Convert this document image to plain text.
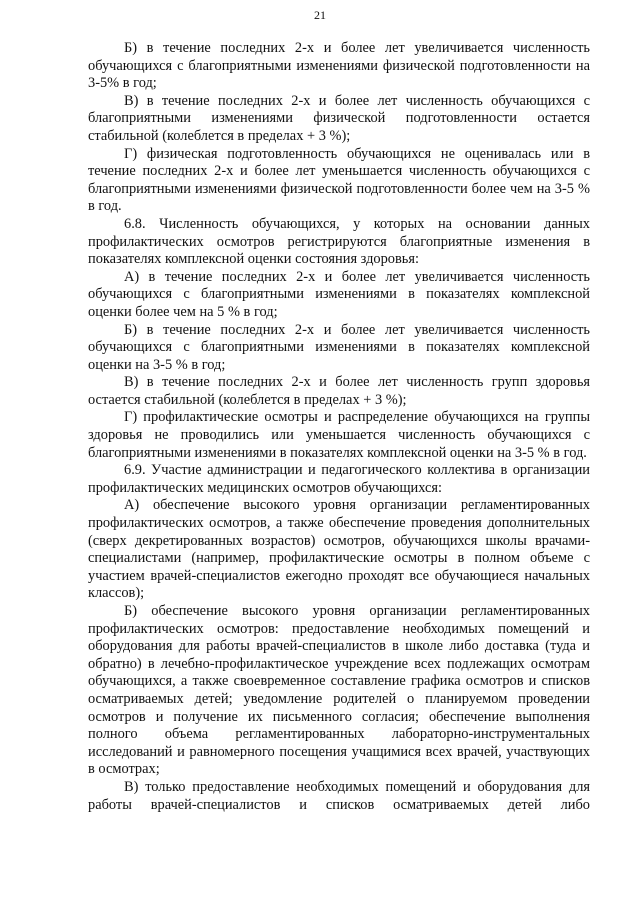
21

Б) в течение последних 2-х и более лет увеличивается численность обучающихся с благоприятными изменениями физической подготовленности на 3-5% в год;

В) в течение последних 2-х и более лет численность обучающихся с благоприятными изменениями физической подготовленности остается стабильной (колеблется в пределах + 3 %);

Г) физическая подготовленность обучающихся не оценивалась или в течение последних 2-х и более лет уменьшается численность обучающихся с благоприятными изменениями физической подготовленности более чем на 3-5 % в год.

6.8. Численность обучающихся, у которых на основании данных профилактических осмотров регистрируются благоприятные изменения в показателях комплексной оценки состояния здоровья:

А) в течение последних 2-х и более лет увеличивается численность обучающихся с благоприятными изменениями в показателях комплексной оценки более чем на 5 % в год;

Б) в течение последних 2-х и более лет увеличивается численность обучающихся с благоприятными изменениями в показателях комплексной оценки на 3-5 % в год;

В) в течение последних 2-х и более лет численность групп здоровья остается стабильной (колеблется в пределах + 3 %);

Г) профилактические осмотры и распределение обучающихся на группы здоровья не проводились или уменьшается численность обучающихся с благоприятными изменениями в показателях комплексной оценки на 3-5 % в год.

6.9. Участие администрации и педагогического коллектива в организации профилактических медицинских осмотров обучающихся:

А) обеспечение высокого уровня организации регламентированных профилактических осмотров, а также обеспечение проведения дополнительных (сверх декретированных возрастов) осмотров, обучающихся школы врачами-специалистами (например, профилактические осмотры в полном объеме с участием врачей-специалистов ежегодно проходят все обучающиеся начальных классов);

Б) обеспечение высокого уровня организации регламентированных профилактических осмотров: предоставление необходимых помещений и оборудования для работы врачей-специалистов в школе либо доставка (туда и обратно) в лечебно-профилактическое учреждение всех подлежащих осмотрам обучающихся, а также своевременное составление графика осмотров и списков осматриваемых детей; уведомление родителей о планируемом проведении осмотров и получение их письменного согласия; обеспечение выполнения полного объема регламентированных лабораторно-инструментальных исследований и равномерного посещения учащимися всех врачей, участвующих в осмотрах;

В) только предоставление необходимых помещений и оборудования для работы врачей-специалистов и списков осматриваемых детей либо
